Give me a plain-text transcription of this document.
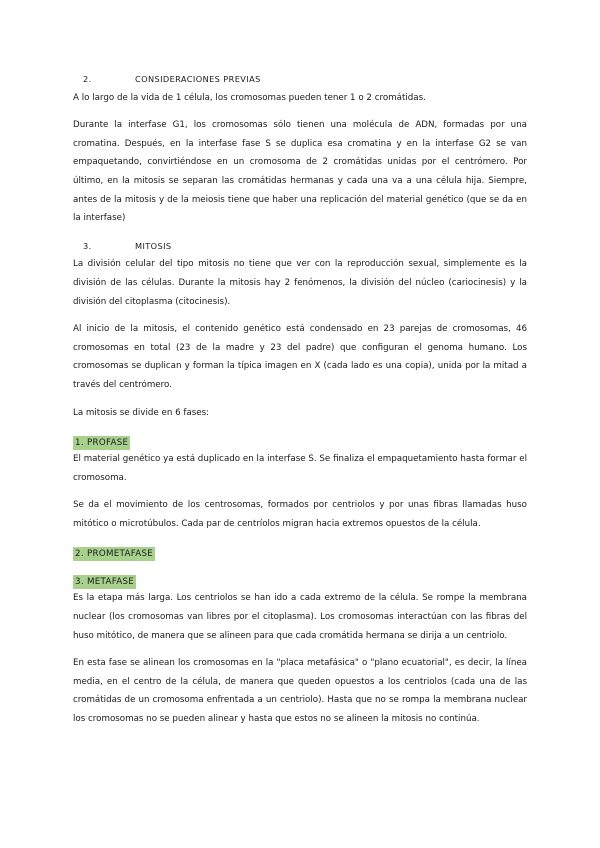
2.	CONSIDERACIONES PREVIAS

A lo largo de la vida de 1 célula, los cromosomas pueden tener 1 o 2 cromátidas.

Durante la interfase G1, los cromosomas sólo tienen una molécula de ADN, formadas por una cromatina. Después, en la interfase fase S se duplica esa cromatina y en la interfase G2 se van empaquetando, convirtiéndose en un cromosoma de 2 cromátidas unidas por el centrómero. Por último, en la mitosis se separan las cromátidas hermanas y cada una va a una célula hija. Siempre, antes de la mitosis y de la meiosis tiene que haber una replicación del material genético (que se da en la interfase)

3.	MITOSIS

La división celular del tipo mitosis no tiene que ver con la reproducción sexual, simplemente es la división de las células. Durante la mitosis hay 2 fenómenos, la división del núcleo (cariocinesis) y la división del citoplasma (citocinesis).

Al inicio de la mitosis, el contenido genético está condensado en 23 parejas de cromosomas, 46 cromosomas en total (23 de la madre y 23 del padre) que configuran el genoma humano. Los cromosomas se duplican y forman la típica imagen en X (cada lado es una copia), unida por la mitad a través del centrómero.

La mitosis se divide en 6 fases:

1. PROFASE

El material genético ya está duplicado en la interfase S. Se finaliza el empaquetamiento hasta formar el cromosoma.

Se da el movimiento de los centrosomas, formados por centriolos y por unas fibras llamadas huso mitótico o microtúbulos. Cada par de centríolos migran hacia extremos opuestos de la célula.

2. PROMETAFASE

3. METAFASE

Es la etapa más larga. Los centriolos se han ido a cada extremo de la célula. Se rompe la membrana nuclear (los cromosomas van libres por el citoplasma). Los cromosomas interactúan con las fibras del huso mitótico, de manera que se alineen para que cada cromátida hermana se dirija a un centriolo.

En esta fase se alinean los cromosomas en la "placa metafásica" o "plano ecuatorial", es decir, la línea media, en el centro de la célula, de manera que queden opuestos a los centriolos (cada una de las cromátidas de un cromosoma enfrentada a un centriolo). Hasta que no se rompa la membrana nuclear los cromosomas no se pueden alinear y hasta que estos no se alineen la mitosis no continúa.
